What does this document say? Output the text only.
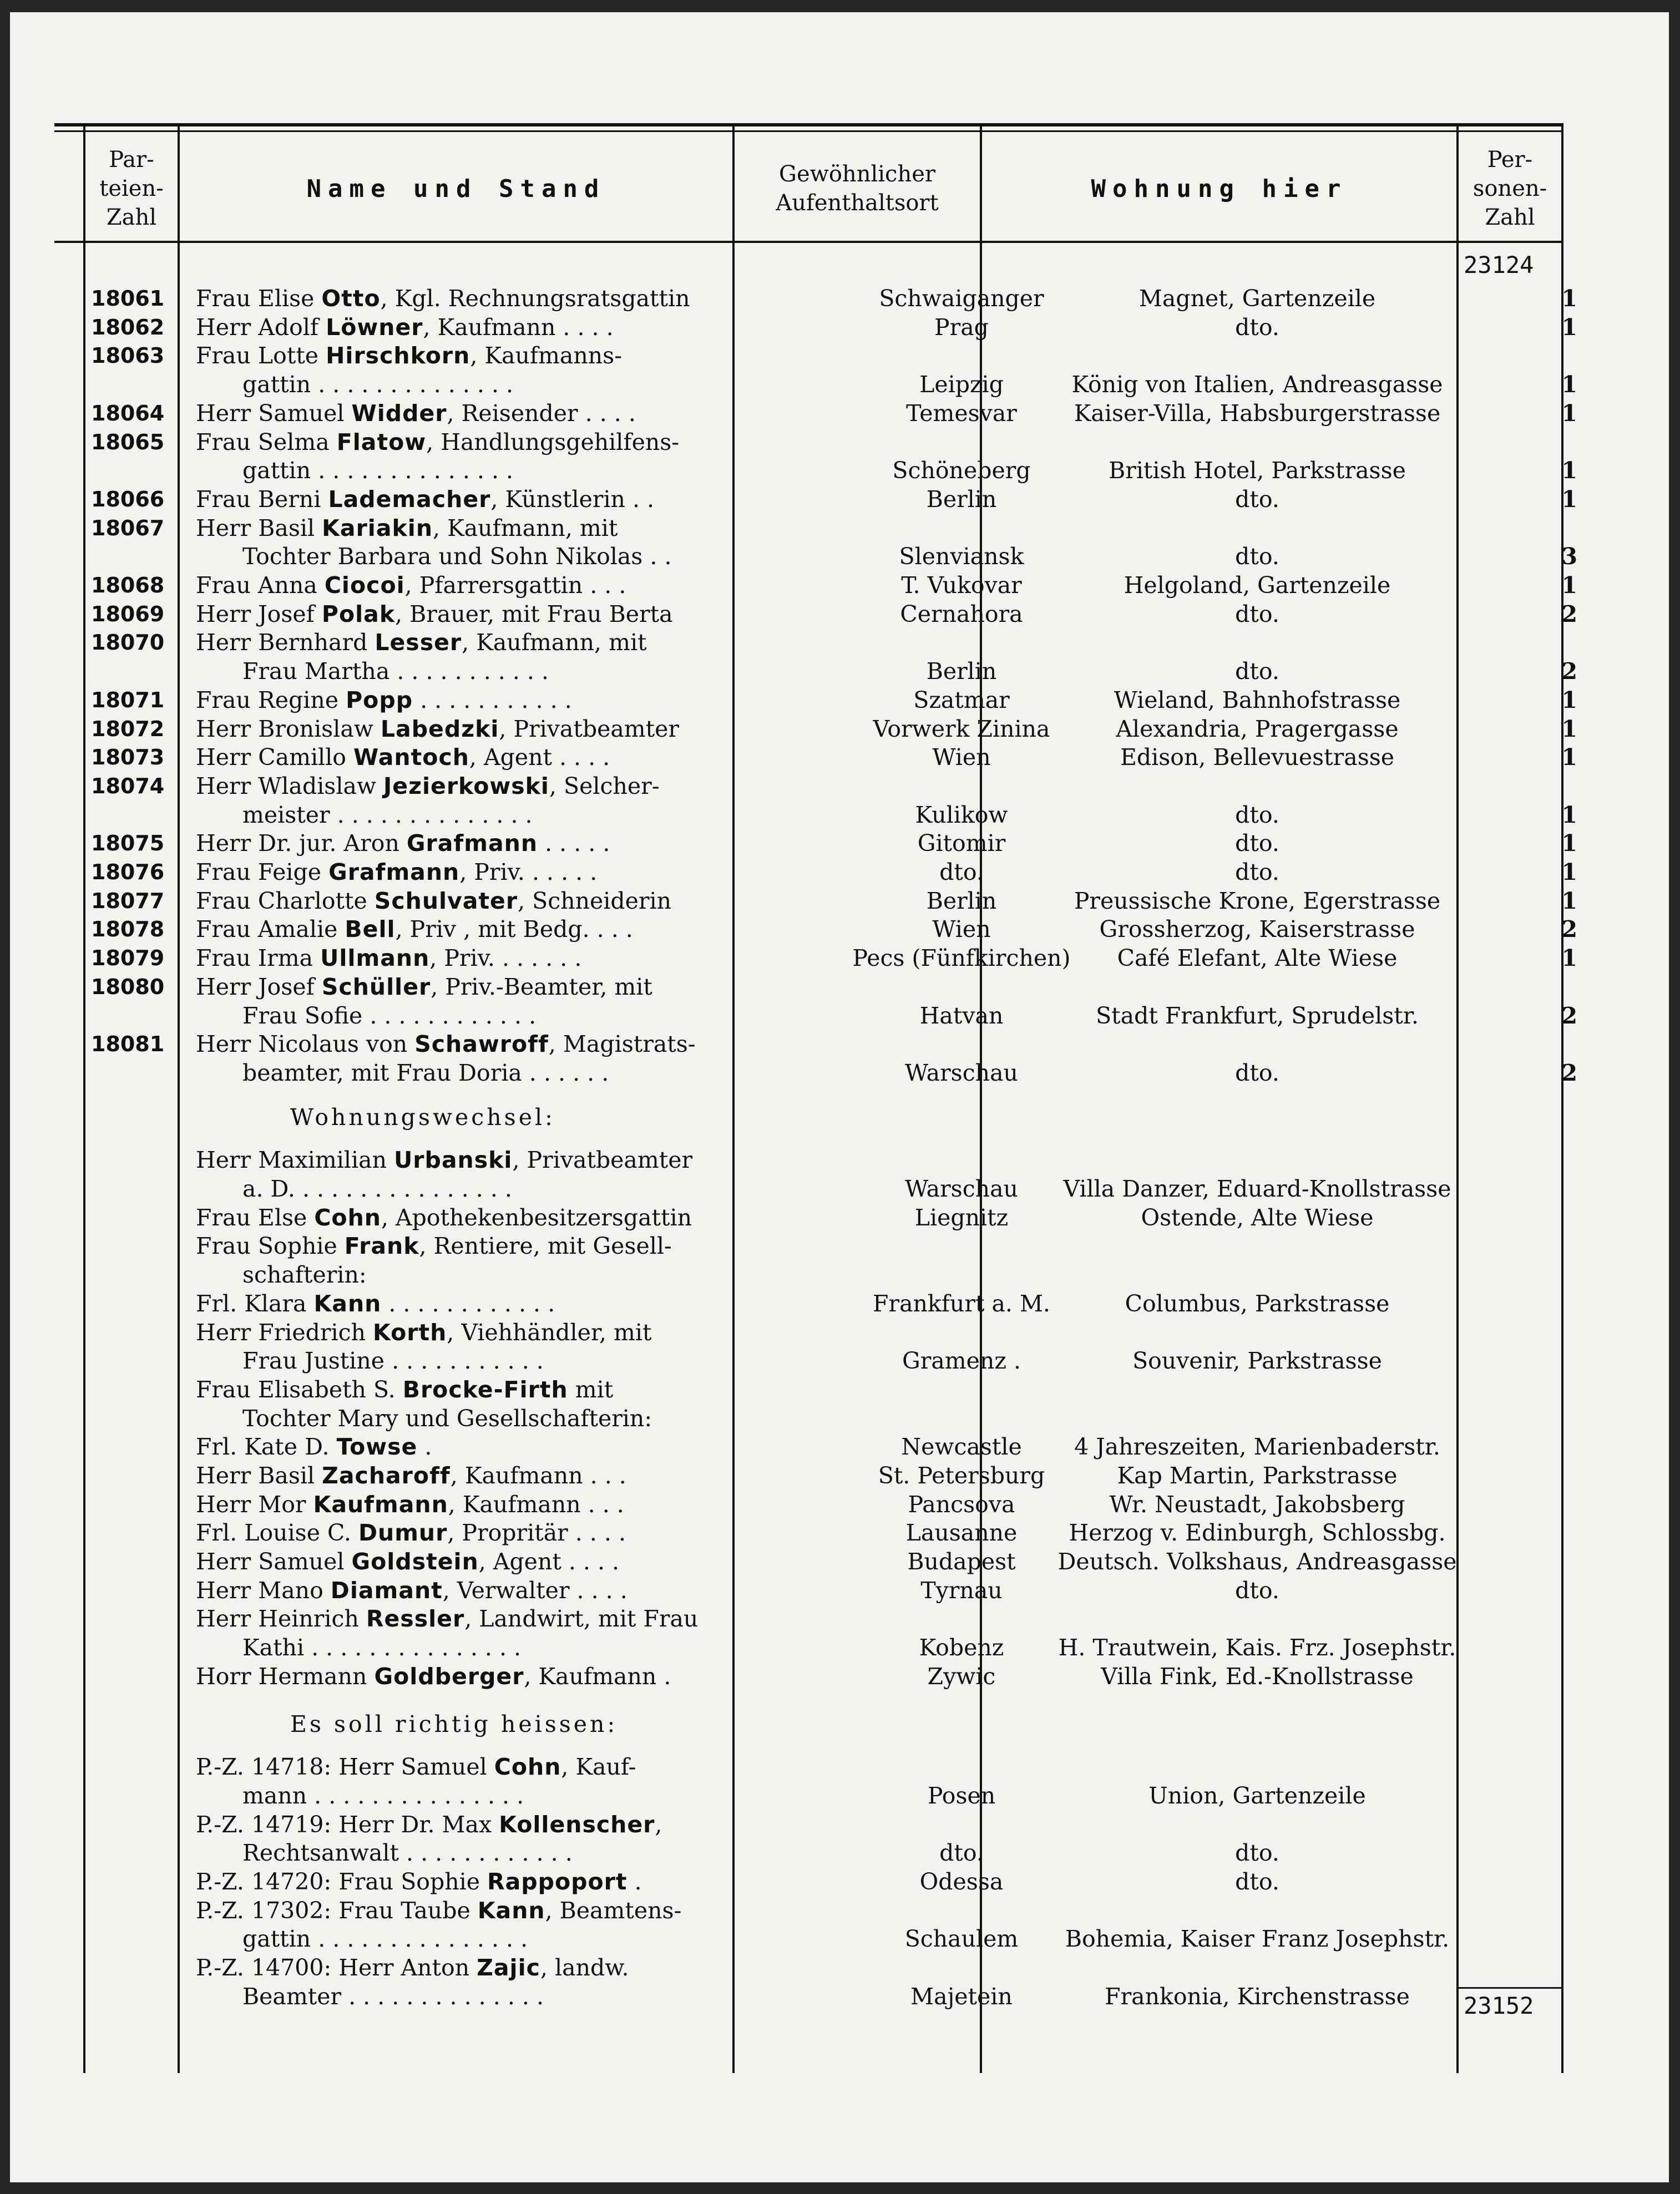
Par-
teien-
Zahl
Name und Stand
Gewöhnlicher
Aufenthaltsort
Wohnung hier
Per-
sonen-
Zahl
23124
23152
18061 Frau Elise Otto, Kgl. Rechnungsratsgattin	Schwaiganger	Magnet, Gartenzeile	1
18062 Herr Adolf Löwner, Kaufmann . . . .	Prag	dto.	1
18063 Frau Lotte Hirschkorn, Kaufmanns-
gattin . . . . . . . . . . . . . .	Leipzig	König von Italien, Andreasgasse	1
18064 Herr Samuel Widder, Reisender . . . .	Temesvar	Kaiser-Villa, Habsburgerstrasse	1
18065 Frau Selma Flatow, Handlungsgehilfens-
gattin . . . . . . . . . . . . . .	Schöneberg	British Hotel, Parkstrasse	1
18066 Frau Berni Lademacher, Künstlerin . .	Berlin	dto.	1
18067 Herr Basil Kariakin, Kaufmann, mit
Tochter Barbara und Sohn Nikolas . .	Slenviansk	dto.	3
18068 Frau Anna Ciocoi, Pfarrersgattin . . .	T. Vukovar	Helgoland, Gartenzeile	1
18069 Herr Josef Polak, Brauer, mit Frau Berta	Cernahora	dto.	2
18070 Herr Bernhard Lesser, Kaufmann, mit
Frau Martha . . . . . . . . . . .	Berlin	dto.	2
18071 Frau Regine Popp . . . . . . . . . . .	Szatmar	Wieland, Bahnhofstrasse	1
18072 Herr Bronislaw Labedzki, Privatbeamter	Vorwerk Zinina	Alexandria, Pragergasse	1
18073 Herr Camillo Wantoch, Agent . . . .	Wien	Edison, Bellevuestrasse	1
18074 Herr Wladislaw Jezierkowski, Selcher-
meister . . . . . . . . . . . . . .	Kulikow	dto.	1
18075 Herr Dr. jur. Aron Grafmann . . . . .	Gitomir	dto.	1
18076 Frau Feige Grafmann, Priv. . . . . .	dto.	dto.	1
18077 Frau Charlotte Schulvater, Schneiderin	Berlin	Preussische Krone, Egerstrasse	1
18078 Frau Amalie Bell, Priv , mit Bedg. . . .	Wien	Grossherzog, Kaiserstrasse	2
18079 Frau Irma Ullmann, Priv. . . . . . .	Pecs (Fünfkirchen)	Café Elefant, Alte Wiese	1
18080 Herr Josef Schüller, Priv.-Beamter, mit
Frau Sofie . . . . . . . . . . . .	Hatvan	Stadt Frankfurt, Sprudelstr.	2
18081 Herr Nicolaus von Schawroff, Magistrats-
beamter, mit Frau Doria . . . . . .	Warschau	dto.	2
Wohnungswechsel:
Herr Maximilian Urbanski, Privatbeamter
a. D. . . . . . . . . . . . . . . .	Warschau	Villa Danzer, Eduard-Knollstrasse
Frau Else Cohn, Apothekenbesitzersgattin	Liegnitz	Ostende, Alte Wiese
Frau Sophie Frank, Rentiere, mit Gesell-
schafterin:
Frl. Klara Kann . . . . . . . . . . . .	Frankfurt a. M.	Columbus, Parkstrasse
Herr Friedrich Korth, Viehhändler, mit
Frau Justine . . . . . . . . . . .	Gramenz .	Souvenir, Parkstrasse
Frau Elisabeth S. Brocke-Firth mit
Tochter Mary und Gesellschafterin:
Frl. Kate D. Towse .	Newcastle	4 Jahreszeiten, Marienbaderstr.
Herr Basil Zacharoff, Kaufmann . . .	St. Petersburg	Kap Martin, Parkstrasse
Herr Mor Kaufmann, Kaufmann . . .	Pancsova	Wr. Neustadt, Jakobsberg
Frl. Louise C. Dumur, Propritär . . . .	Lausanne	Herzog v. Edinburgh, Schlossbg.
Herr Samuel Goldstein, Agent . . . .	Budapest	Deutsch. Volkshaus, Andreasgasse
Herr Mano Diamant, Verwalter . . . .	Tyrnau	dto.
Herr Heinrich Ressler, Landwirt, mit Frau
Kathi . . . . . . . . . . . . . . .	Kobenz	H. Trautwein, Kais. Frz. Josephstr.
Horr Hermann Goldberger, Kaufmann .	Zywic	Villa Fink, Ed.-Knollstrasse
Es soll richtig heissen:
P.-Z. 14718: Herr Samuel Cohn, Kauf-
mann . . . . . . . . . . . . . . .	Posen	Union, Gartenzeile
P.-Z. 14719: Herr Dr. Max Kollenscher,
Rechtsanwalt . . . . . . . . . . . .	dto.	dto.
P.-Z. 14720: Frau Sophie Rappoport .	Odessa	dto.
P.-Z. 17302: Frau Taube Kann, Beamtens-
gattin . . . . . . . . . . . . . . .	Schaulem	Bohemia, Kaiser Franz Josephstr.
P.-Z. 14700: Herr Anton Zajic, landw.
Beamter . . . . . . . . . . . . . .	Majetein	Frankonia, Kirchenstrasse
